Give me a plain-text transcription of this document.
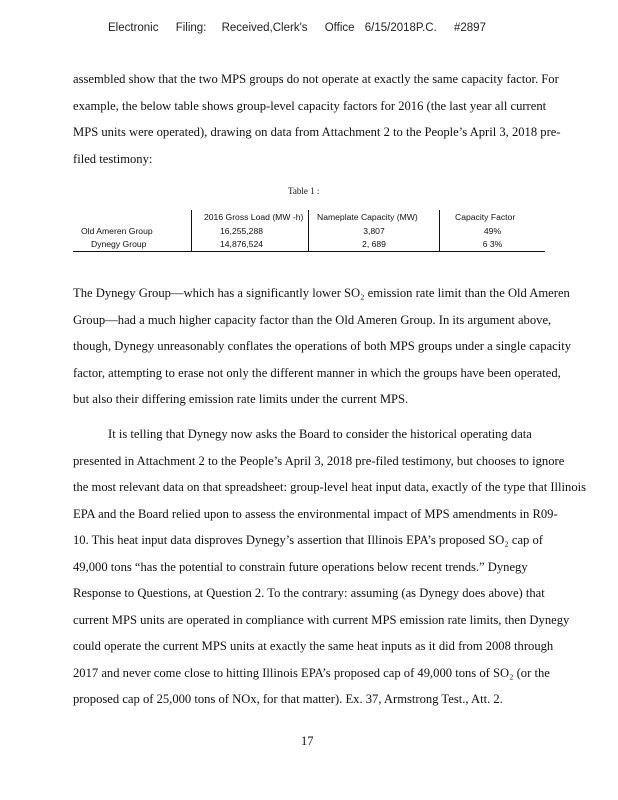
Electronic Filing: Received,Clerk's Office 6/15/2018P.C. #2897
assembled show that the two MPS groups do not operate at exactly the same capacity factor. For
example, the below table shows group-level capacity factors for 2016 (the last year all current
MPS units were operated), drawing on data from Attachment 2 to the People’s April 3, 2018 pre-
filed testimony:
Table 1 :
	2016 Gross Load (MW -h)	Nameplate Capacity (MW)	Capacity Factor
Old Ameren Group	16,255,288	3,807	49%
Dynegy Group	14,876,524	2, 689	6 3%
The Dynegy Group—which has a significantly lower SO₂ emission rate limit than the Old Ameren
Group—had a much higher capacity factor than the Old Ameren Group. In its argument above,
though, Dynegy unreasonably conflates the operations of both MPS groups under a single capacity
factor, attempting to erase not only the different manner in which the groups have been operated,
but also their differing emission rate limits under the current MPS.
It is telling that Dynegy now asks the Board to consider the historical operating data
presented in Attachment 2 to the People’s April 3, 2018 pre-filed testimony, but chooses to ignore
the most relevant data on that spreadsheet: group-level heat input data, exactly of the type that Illinois
EPA and the Board relied upon to assess the environmental impact of MPS amendments in R09-
10. This heat input data disproves Dynegy’s assertion that Illinois EPA’s proposed SO₂ cap of
49,000 tons “has the potential to constrain future operations below recent trends.” Dynegy
Response to Questions, at Question 2. To the contrary: assuming (as Dynegy does above) that
current MPS units are operated in compliance with current MPS emission rate limits, then Dynegy
could operate the current MPS units at exactly the same heat inputs as it did from 2008 through
2017 and never come close to hitting Illinois EPA’s proposed cap of 49,000 tons of SO₂ (or the
proposed cap of 25,000 tons of NOx, for that matter). Ex. 37, Armstrong Test., Att. 2.
17
